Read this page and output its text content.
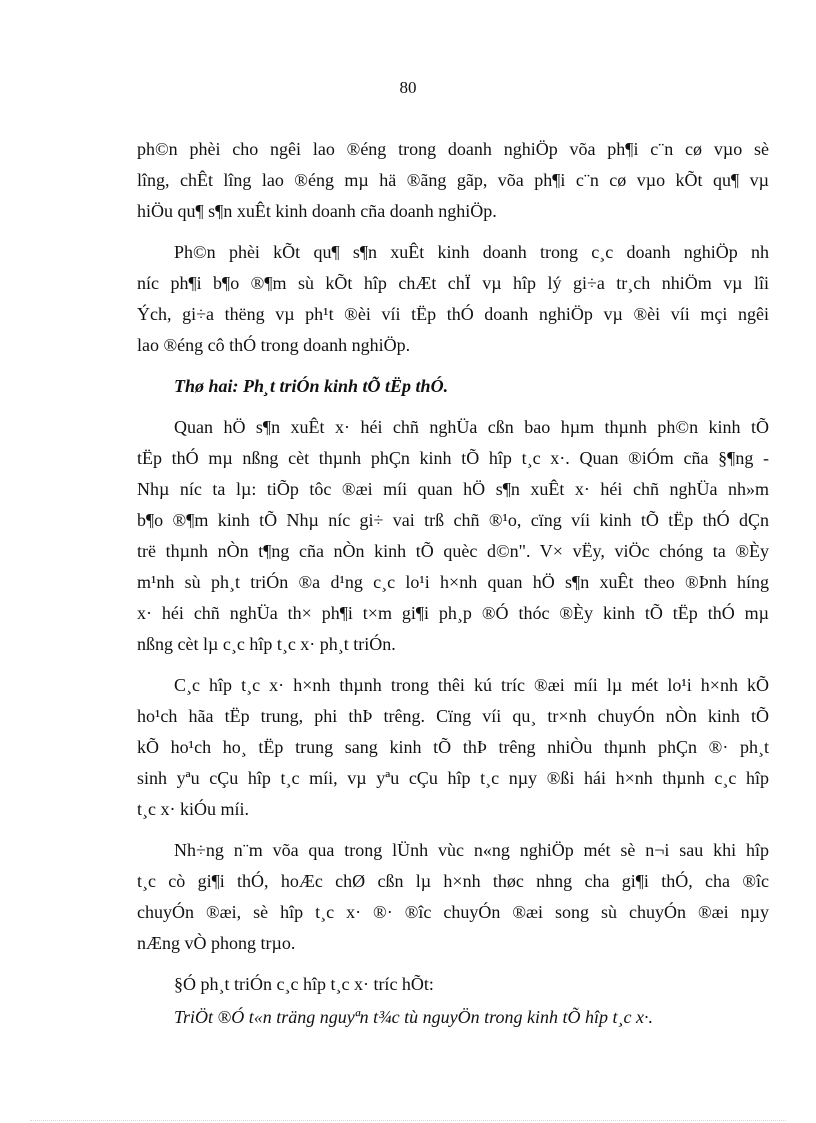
80

ph©n phèi cho ngêi lao ®éng trong doanh nghiÖp võa ph¶i c¨n cø vµo sè
lîng, chÊt lîng lao ®éng mµ hä ®ãng gãp, võa ph¶i c¨n cø vµo kÕt qu¶ vµ
hiÖu qu¶ s¶n xuÊt kinh doanh cña doanh nghiÖp.

Ph©n phèi kÕt qu¶ s¶n xuÊt kinh doanh trong c¸c doanh nghiÖp nh
níc ph¶i b¶o ®¶m sù kÕt hîp chÆt chÏ vµ hîp lý gi÷a tr¸ch nhiÖm vµ lîi
Ých, gi÷a thëng vµ ph¹t ®èi víi tËp thÓ doanh nghiÖp vµ ®èi víi mçi ngêi
lao ®éng cô thÓ trong doanh nghiÖp.

Thø hai: Ph¸t triÓn kinh tÕ tËp thÓ.

Quan hÖ s¶n xuÊt x· héi chñ nghÜa cßn bao hµm thµnh ph©n kinh tÕ
tËp thÓ mµ nßng cèt thµnh phÇn kinh tÕ hîp t¸c x·. Quan ®iÓm cña §¶ng -
Nhµ níc ta lµ: tiÕp tôc ®æi míi quan hÖ s¶n xuÊt x· héi chñ nghÜa nh»m
b¶o ®¶m kinh tÕ Nhµ níc gi÷ vai trß chñ ®¹o, cïng víi kinh tÕ tËp thÓ dÇn
trë thµnh nÒn t¶ng cña nÒn kinh tÕ quèc d©n". V× vËy, viÖc chóng ta ®Èy
m¹nh sù ph¸t triÓn ®a d¹ng c¸c lo¹i h×nh quan hÖ s¶n xuÊt theo ®Þnh híng
x· héi chñ nghÜa th× ph¶i t×m gi¶i ph¸p ®Ó thóc ®Èy kinh tÕ tËp thÓ mµ
nßng cèt lµ c¸c hîp t¸c x· ph¸t triÓn.

C¸c hîp t¸c x· h×nh thµnh trong thêi kú tríc ®æi míi lµ mét lo¹i h×nh kÕ
ho¹ch hãa tËp trung, phi thÞ trêng. Cïng víi qu¸ tr×nh chuyÓn nÒn kinh tÕ
kÕ ho¹ch ho¸ tËp trung sang kinh tÕ thÞ trêng nhiÒu thµnh phÇn ®· ph¸t
sinh yªu cÇu hîp t¸c míi, vµ yªu cÇu hîp t¸c nµy ®ßi hái h×nh thµnh c¸c hîp
t¸c x· kiÓu míi.

Nh÷ng n¨m võa qua trong lÜnh vùc n«ng nghiÖp mét sè n¬i sau khi hîp
t¸c cò gi¶i thÓ, hoÆc chØ cßn lµ h×nh thøc nhng cha gi¶i thÓ, cha ®îc
chuyÓn ®æi, sè hîp t¸c x· ®· ®îc chuyÓn ®æi song sù chuyÓn ®æi nµy
nÆng vÒ phong trµo.

§Ó ph¸t triÓn c¸c hîp t¸c x· tríc hÕt:

TriÖt ®Ó t«n träng nguyªn t¾c tù nguyÖn trong kinh tÕ hîp t¸c x·.
